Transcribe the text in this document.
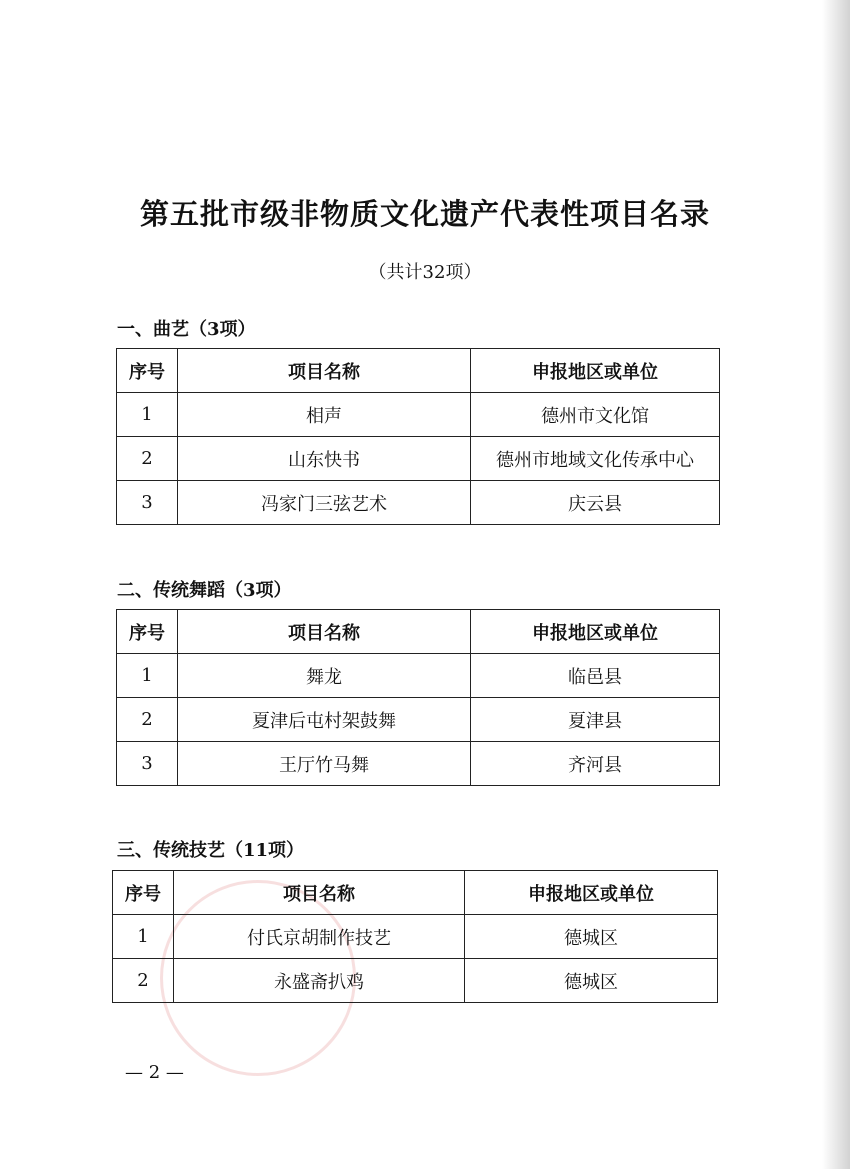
第五批市级非物质文化遗产代表性项目名录
（共计32项）
一、曲艺（3项）
序号	项目名称	申报地区或单位
1	相声	德州市文化馆
2	山东快书	德州市地域文化传承中心
3	冯家门三弦艺术	庆云县
二、传统舞蹈（3项）
序号	项目名称	申报地区或单位
1	舞龙	临邑县
2	夏津后屯村架鼓舞	夏津县
3	王厅竹马舞	齐河县
三、传统技艺（11项）
序号	项目名称	申报地区或单位
1	付氏京胡制作技艺	德城区
2	永盛斋扒鸡	德城区
— 2 —
